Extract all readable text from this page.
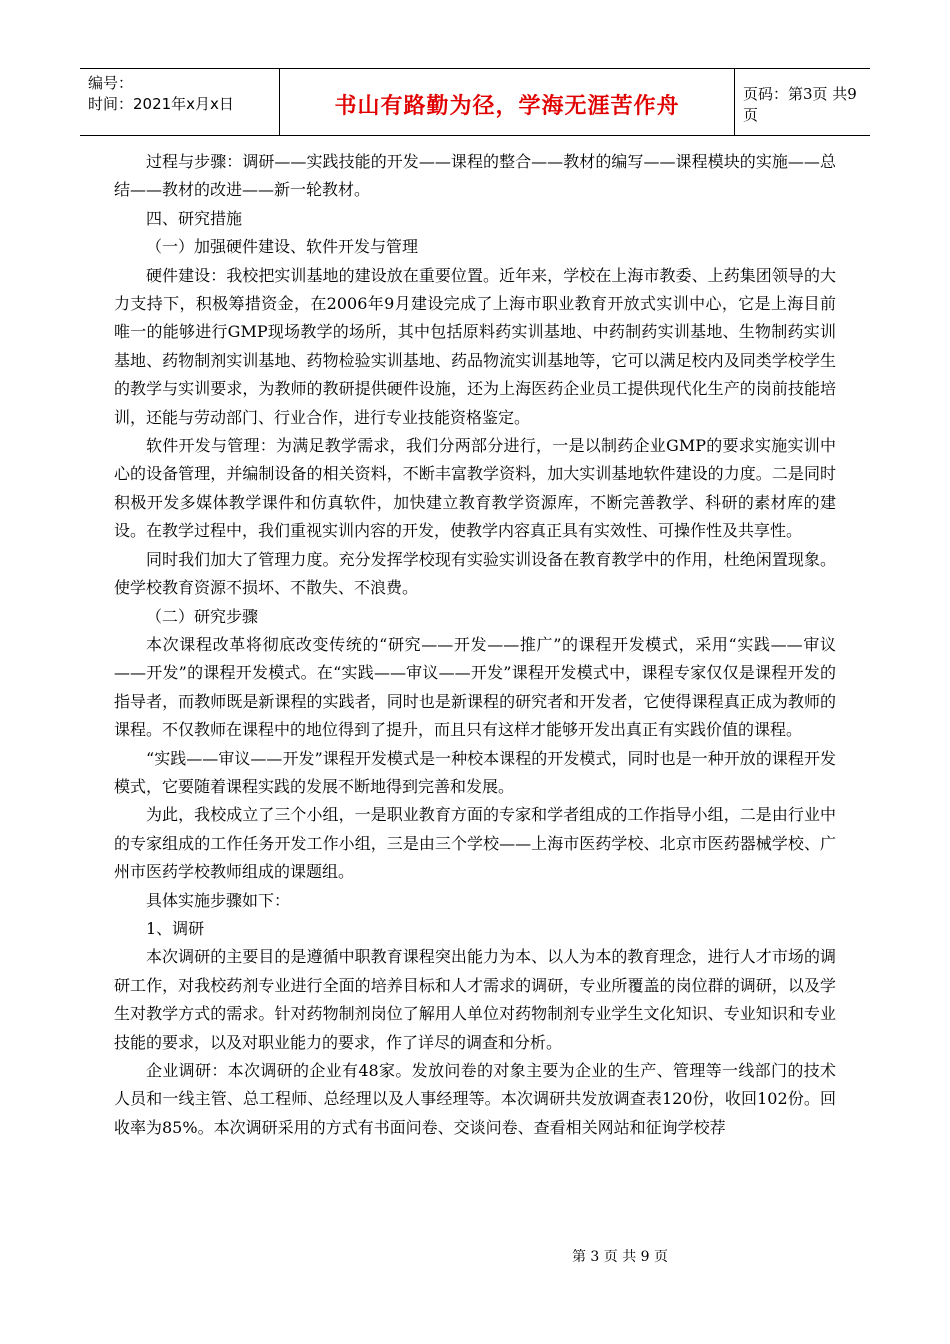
编号：
时间：2021年x月x日	书山有路勤为径，学海无涯苦作舟	页码：第3页 共9页

过程与步骤：调研——实践技能的开发——课程的整合——教材的编写——课程模块的实施——总结——教材的改进——新一轮教材。

四、研究措施

（一）加强硬件建设、软件开发与管理

硬件建设：我校把实训基地的建设放在重要位置。近年来，学校在上海市教委、上药集团领导的大力支持下，积极筹措资金，在2006年9月建设完成了上海市职业教育开放式实训中心，它是上海目前唯一的能够进行GMP现场教学的场所，其中包括原料药实训基地、中药制药实训基地、生物制药实训基地、药物制剂实训基地、药物检验实训基地、药品物流实训基地等，它可以满足校内及同类学校学生的教学与实训要求，为教师的教研提供硬件设施，还为上海医药企业员工提供现代化生产的岗前技能培训，还能与劳动部门、行业合作，进行专业技能资格鉴定。

软件开发与管理：为满足教学需求，我们分两部分进行，一是以制药企业GMP的要求实施实训中心的设备管理，并编制设备的相关资料，不断丰富教学资料，加大实训基地软件建设的力度。二是同时积极开发多媒体教学课件和仿真软件，加快建立教育教学资源库，不断完善教学、科研的素材库的建设。在教学过程中，我们重视实训内容的开发，使教学内容真正具有实效性、可操作性及共享性。

同时我们加大了管理力度。充分发挥学校现有实验实训设备在教育教学中的作用，杜绝闲置现象。使学校教育资源不损坏、不散失、不浪费。

（二）研究步骤

本次课程改革将彻底改变传统的“研究——开发——推广”的课程开发模式，采用“实践——审议——开发”的课程开发模式。在“实践——审议——开发”课程开发模式中，课程专家仅仅是课程开发的指导者，而教师既是新课程的实践者，同时也是新课程的研究者和开发者，它使得课程真正成为教师的课程。不仅教师在课程中的地位得到了提升，而且只有这样才能够开发出真正有实践价值的课程。

“实践——审议——开发”课程开发模式是一种校本课程的开发模式，同时也是一种开放的课程开发模式，它要随着课程实践的发展不断地得到完善和发展。

为此，我校成立了三个小组，一是职业教育方面的专家和学者组成的工作指导小组，二是由行业中的专家组成的工作任务开发工作小组，三是由三个学校——上海市医药学校、北京市医药器械学校、广州市医药学校教师组成的课题组。

具体实施步骤如下：

1、调研

本次调研的主要目的是遵循中职教育课程突出能力为本、以人为本的教育理念，进行人才市场的调研工作，对我校药剂专业进行全面的培养目标和人才需求的调研，专业所覆盖的岗位群的调研，以及学生对教学方式的需求。针对药物制剂岗位了解用人单位对药物制剂专业学生文化知识、专业知识和专业技能的要求，以及对职业能力的要求，作了详尽的调查和分析。

企业调研：本次调研的企业有48家。发放问卷的对象主要为企业的生产、管理等一线部门的技术人员和一线主管、总工程师、总经理以及人事经理等。本次调研共发放调查表120份，收回102份。回收率为85%。本次调研采用的方式有书面问卷、交谈问卷、查看相关网站和征询学校荐

第 3 页 共 9 页
